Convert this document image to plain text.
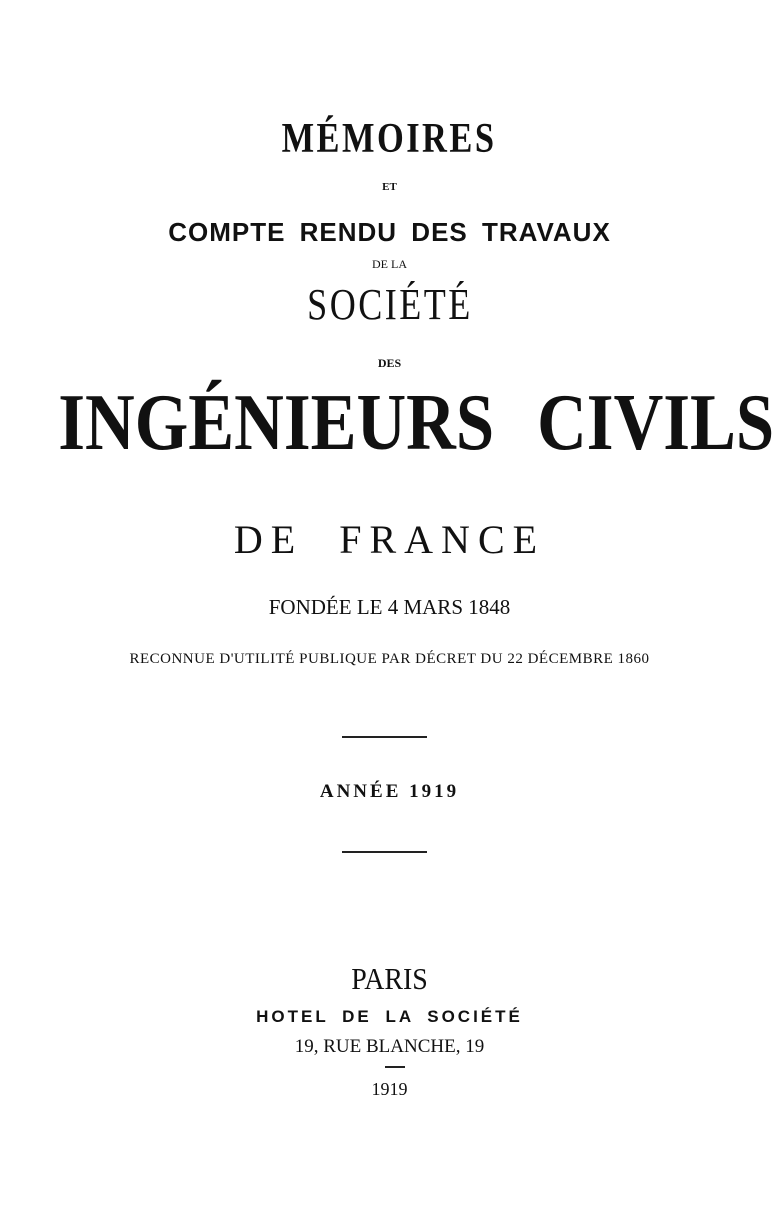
MÉMOIRES
ET
COMPTE RENDU DES TRAVAUX
DE LA
SOCIÉTÉ
DES
INGÉNIEURS CIVILS
DE FRANCE
FONDÉE LE 4 MARS 1848
RECONNUE D'UTILITÉ PUBLIQUE PAR DÉCRET DU 22 DÉCEMBRE 1860
ANNÉE 1919
PARIS
HOTEL DE LA SOCIÉTÉ
19, RUE BLANCHE, 19
1919
